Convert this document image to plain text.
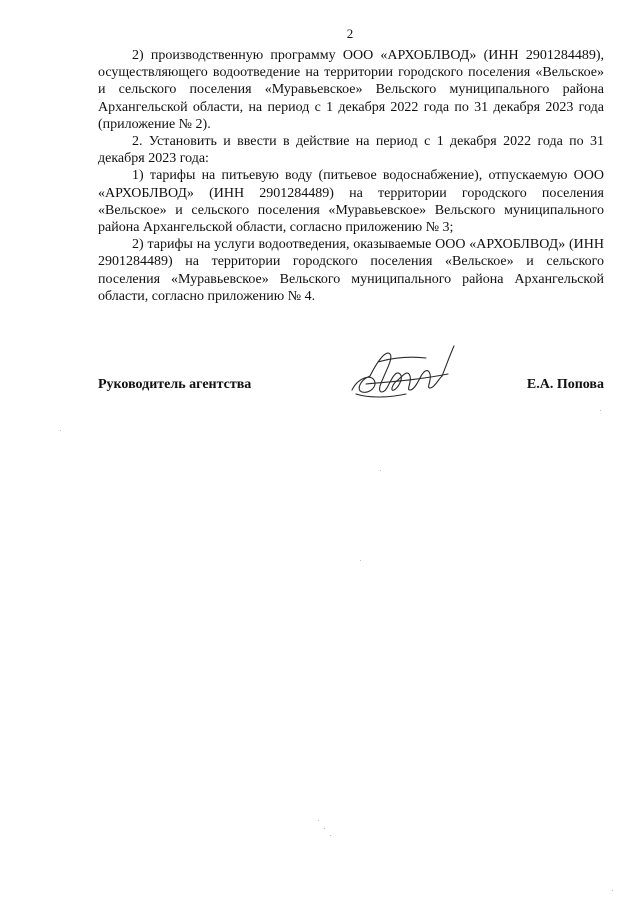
2

2) производственную программу ООО «АРХОБЛВОД» (ИНН 2901284489), осуществляющего водоотведение на территории городского поселения «Вельское» и сельского поселения «Муравьевское» Вельского муниципального района Архангельской области, на период с 1 декабря 2022 года по 31 декабря 2023 года (приложение № 2).

2. Установить и ввести в действие на период с 1 декабря 2022 года по 31 декабря 2023 года:

1) тарифы на питьевую воду (питьевое водоснабжение), отпускаемую ООО «АРХОБЛВОД» (ИНН 2901284489) на территории городского поселения «Вельское» и сельского поселения «Муравьевское» Вельского муниципального района Архангельской области, согласно приложению № 3;

2) тарифы на услуги водоотведения, оказываемые ООО «АРХОБЛВОД» (ИНН 2901284489) на территории городского поселения «Вельское» и сельского поселения «Муравьевское» Вельского муниципального района Архангельской области, согласно приложению № 4.

Руководитель агентства	Е.А. Попова
